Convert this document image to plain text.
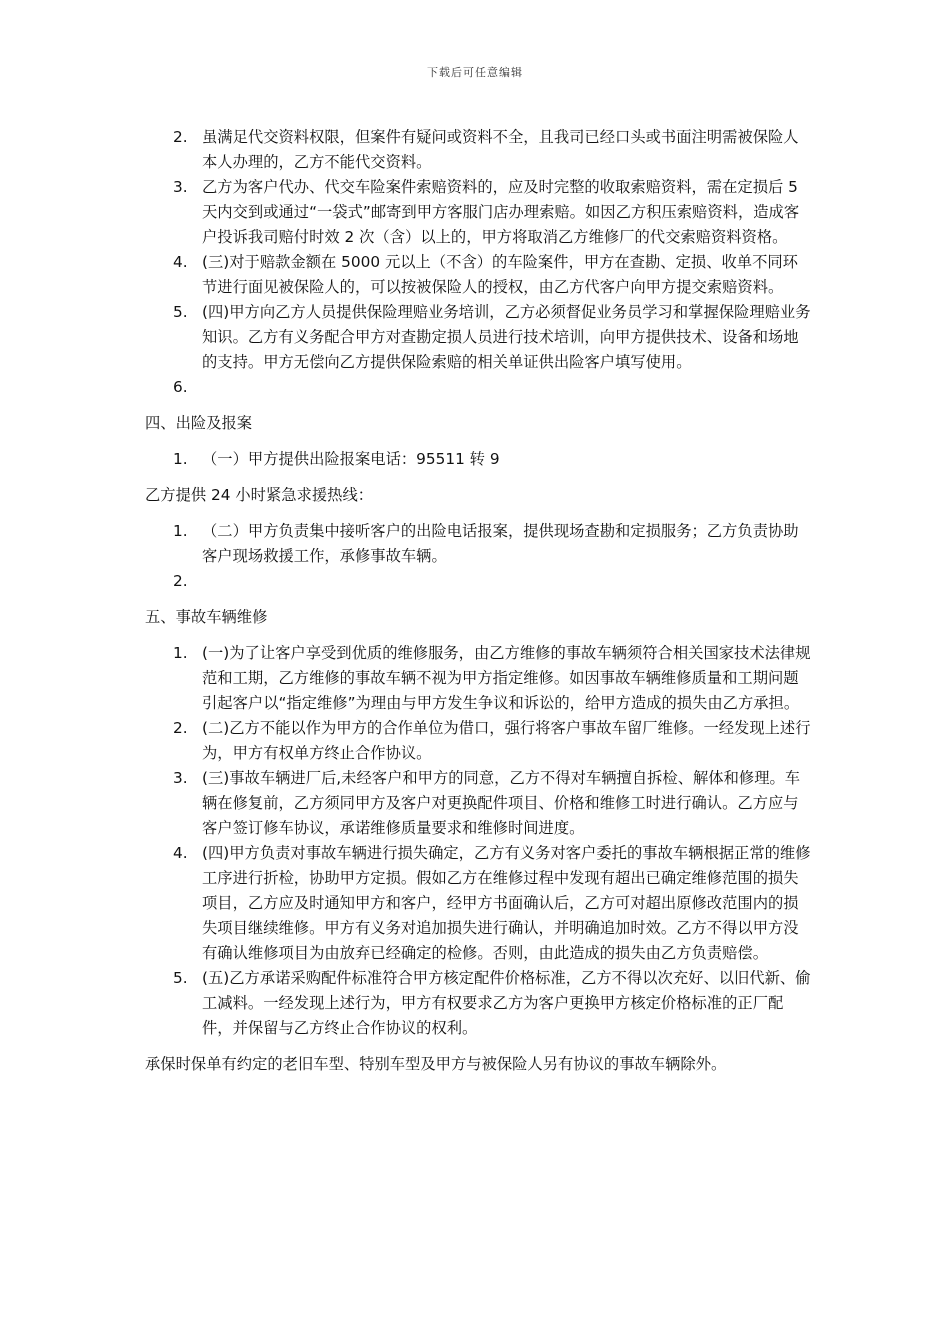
下载后可任意编辑
2. 虽满足代交资料权限，但案件有疑问或资料不全，且我司已经口头或书面注明需被保险人本人办理的，乙方不能代交资料。
3. 乙方为客户代办、代交车险案件索赔资料的，应及时完整的收取索赔资料，需在定损后 5 天内交到或通过“一袋式”邮寄到甲方客服门店办理索赔。如因乙方积压索赔资料，造成客户投诉我司赔付时效 2 次（含）以上的，甲方将取消乙方维修厂的代交索赔资料资格。
4. (三)对于赔款金额在 5000 元以上（不含）的车险案件，甲方在查勘、定损、收单不同环节进行面见被保险人的，可以按被保险人的授权，由乙方代客户向甲方提交索赔资料。
5. (四)甲方向乙方人员提供保险理赔业务培训，乙方必须督促业务员学习和掌握保险理赔业务知识。乙方有义务配合甲方对查勘定损人员进行技术培训，向甲方提供技术、设备和场地的支持。甲方无偿向乙方提供保险索赔的相关单证供出险客户填写使用。
6.
四、出险及报案
1. （一）甲方提供出险报案电话：95511 转 9
乙方提供 24 小时紧急求援热线：
1. （二）甲方负责集中接听客户的出险电话报案，提供现场查勘和定损服务；乙方负责协助客户现场救援工作，承修事故车辆。
2.
五、事故车辆维修
1. (一)为了让客户享受到优质的维修服务，由乙方维修的事故车辆须符合相关国家技术法律规范和工期，乙方维修的事故车辆不视为甲方指定维修。如因事故车辆维修质量和工期问题引起客户以“指定维修”为理由与甲方发生争议和诉讼的，给甲方造成的损失由乙方承担。
2. (二)乙方不能以作为甲方的合作单位为借口，强行将客户事故车留厂维修。一经发现上述行为，甲方有权单方终止合作协议。
3. (三)事故车辆进厂后,未经客户和甲方的同意，乙方不得对车辆擅自拆检、解体和修理。车辆在修复前，乙方须同甲方及客户对更换配件项目、价格和维修工时进行确认。乙方应与客户签订修车协议，承诺维修质量要求和维修时间进度。
4. (四)甲方负责对事故车辆进行损失确定，乙方有义务对客户委托的事故车辆根据正常的维修工序进行折检，协助甲方定损。假如乙方在维修过程中发现有超出已确定维修范围的损失项目，乙方应及时通知甲方和客户，经甲方书面确认后，乙方可对超出原修改范围内的损失项目继续维修。甲方有义务对追加损失进行确认，并明确追加时效。乙方不得以甲方没有确认维修项目为由放弃已经确定的检修。否则，由此造成的损失由乙方负责赔偿。
5. (五)乙方承诺采购配件标准符合甲方核定配件价格标准，乙方不得以次充好、以旧代新、偷工减料。一经发现上述行为，甲方有权要求乙方为客户更换甲方核定价格标准的正厂配件，并保留与乙方终止合作协议的权利。
承保时保单有约定的老旧车型、特别车型及甲方与被保险人另有协议的事故车辆除外。
